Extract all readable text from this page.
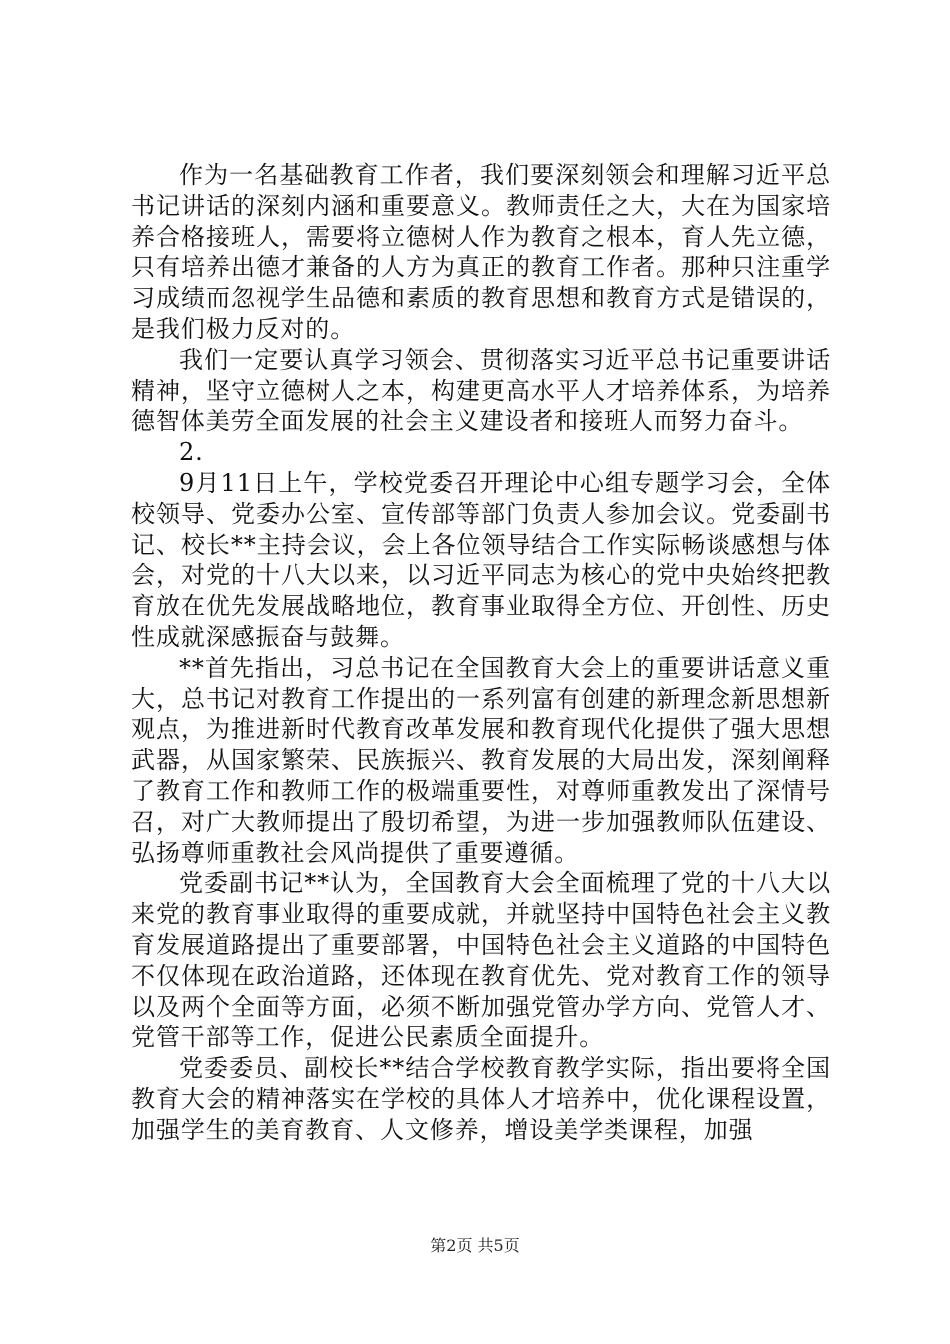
作为一名基础教育工作者，我们要深刻领会和理解习近平总书记讲话的深刻内涵和重要意义。教师责任之大，大在为国家培养合格接班人，需要将立德树人作为教育之根本，育人先立德，只有培养出德才兼备的人方为真正的教育工作者。那种只注重学习成绩而忽视学生品德和素质的教育思想和教育方式是错误的，是我们极力反对的。

我们一定要认真学习领会、贯彻落实习近平总书记重要讲话精神，坚守立德树人之本，构建更高水平人才培养体系，为培养德智体美劳全面发展的社会主义建设者和接班人而努力奋斗。

2.

9月11日上午，学校党委召开理论中心组专题学习会，全体校领导、党委办公室、宣传部等部门负责人参加会议。党委副书记、校长**主持会议，会上各位领导结合工作实际畅谈感想与体会，对党的十八大以来，以习近平同志为核心的党中央始终把教育放在优先发展战略地位，教育事业取得全方位、开创性、历史性成就深感振奋与鼓舞。

**首先指出，习总书记在全国教育大会上的重要讲话意义重大，总书记对教育工作提出的一系列富有创建的新理念新思想新观点，为推进新时代教育改革发展和教育现代化提供了强大思想武器，从国家繁荣、民族振兴、教育发展的大局出发，深刻阐释了教育工作和教师工作的极端重要性，对尊师重教发出了深情号召，对广大教师提出了殷切希望，为进一步加强教师队伍建设、弘扬尊师重教社会风尚提供了重要遵循。

党委副书记**认为，全国教育大会全面梳理了党的十八大以来党的教育事业取得的重要成就，并就坚持中国特色社会主义教育发展道路提出了重要部署，中国特色社会主义道路的中国特色不仅体现在政治道路，还体现在教育优先、党对教育工作的领导以及两个全面等方面，必须不断加强党管办学方向、党管人才、党管干部等工作，促进公民素质全面提升。

党委委员、副校长**结合学校教育教学实际，指出要将全国教育大会的精神落实在学校的具体人才培养中，优化课程设置，加强学生的美育教育、人文修养，增设美学类课程，加强

第2页 共5页
